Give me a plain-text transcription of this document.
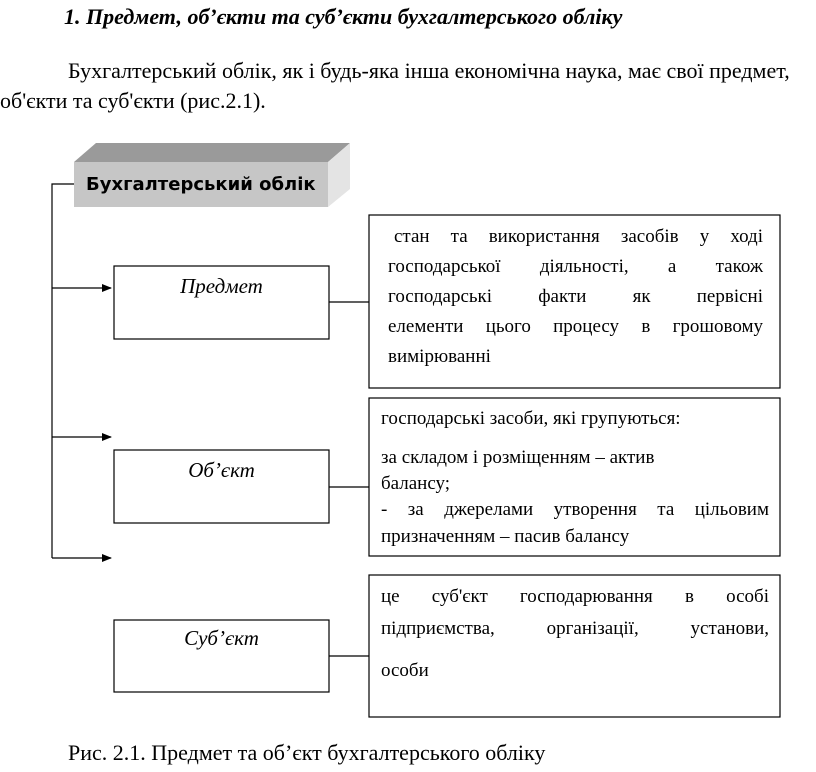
1. Предмет, об’єкти та суб’єкти бухгалтерського обліку
Бухгалтерський облік, як і будь-яка інша економічна наука, має свої предмет, об'єкти та суб'єкти (рис.2.1).
Бухгалтерський облік
Предмет
Об’єкт
Суб’єкт
стан та використання засобів у ході
господарської діяльності, а також
господарські факти як первісні
елементи цього процесу в грошовому
вимірюванні
господарські засоби, які групуються:
за складом і розміщенням – актив
балансу;
- за джерелами утворення та цільовим
призначенням – пасив балансу
це суб'єкт господарювання в особі
підприємства, організації, установи,
особи
Рис. 2.1. Предмет та об’єкт бухгалтерського обліку
